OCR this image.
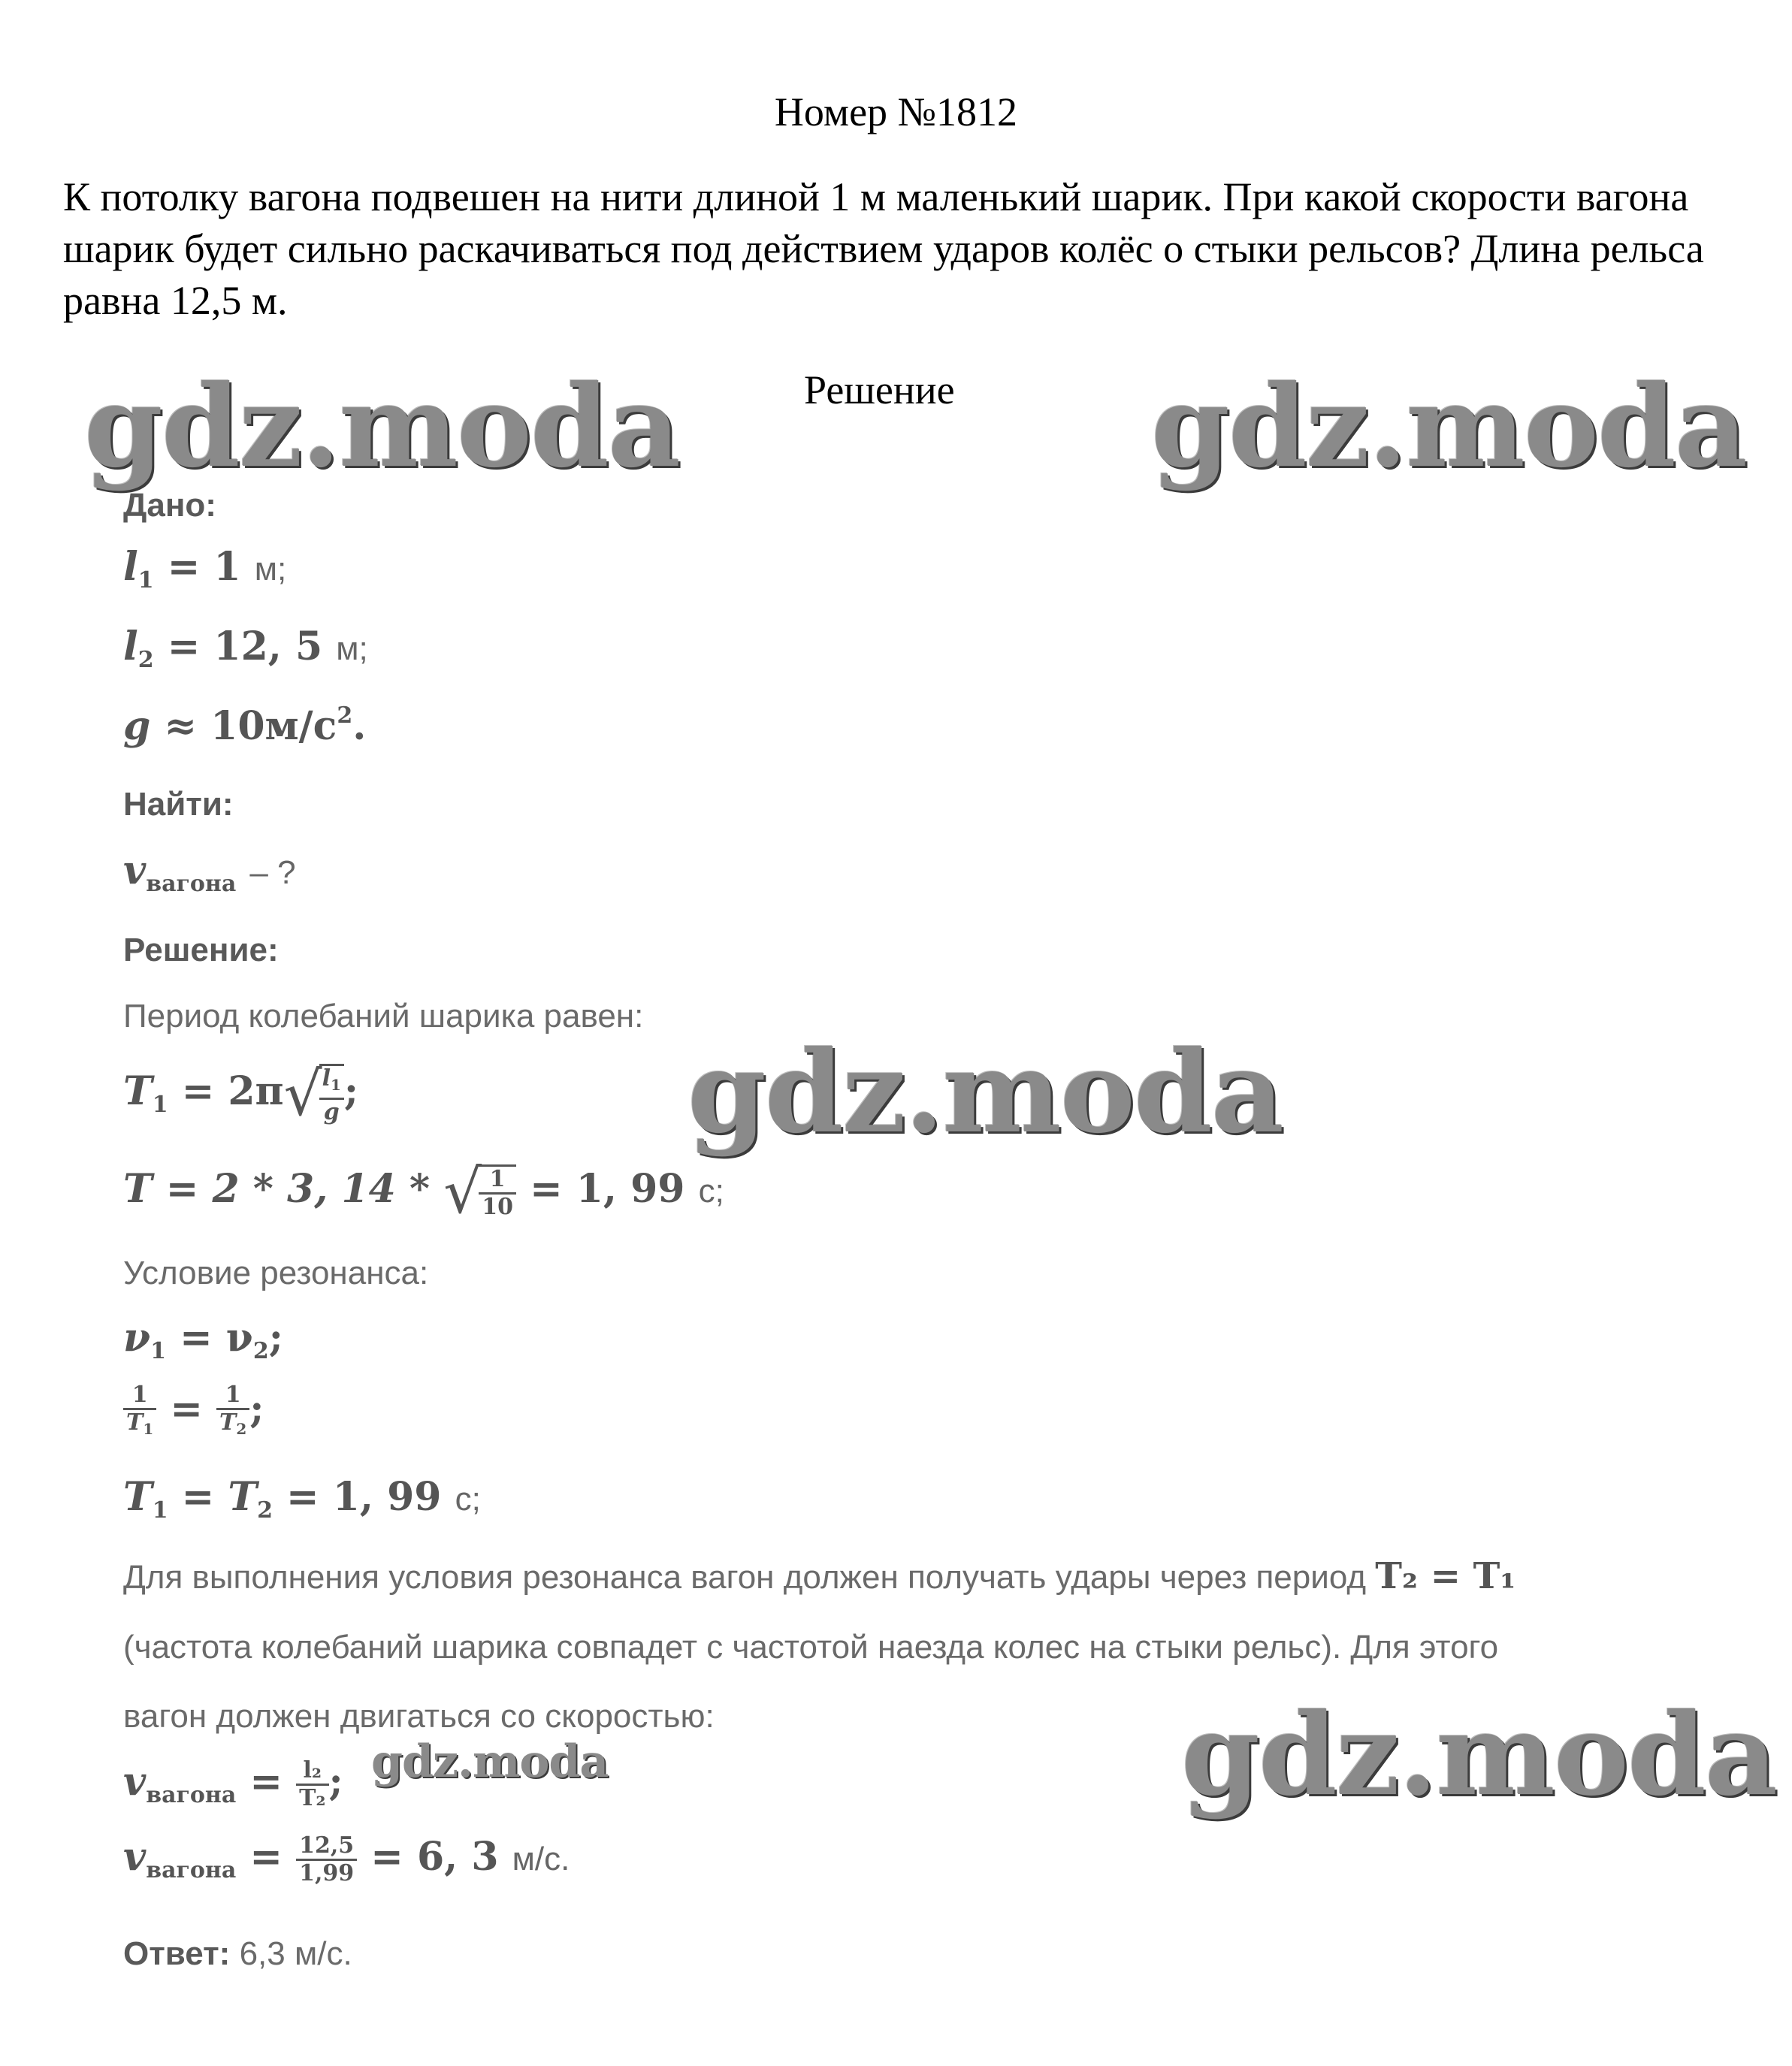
Номер №1812
К потолку вагона подвешен на нити длиной 1 м маленький шарик. При какой скорости вагона шарик будет сильно раскачиваться под действием ударов колёс о стыки рельсов? Длина рельса равна 12,5 м.
Решение
gdz.moda	gdz.moda
Дано:
$l_1 = 1$ м;
$l_2 = 12$, 5 м;
$g \approx 10м/с^2$.
Найти:
$v_{вагона}$ – ?
Решение:
Период колебаний шарика равен:
gdz.moda
$T_1 = 2\pi√$
$\frac{l_1}{g}$ ;
T = 2 * 3, 14 * √
$\frac{1}{10} = 1$, 99 с;
Условие резонанса:
$\nu_1 = \nu_2$;
$\frac{1}{T_1} = \frac{1}{T_2}$ ;
$T_1 = T_2 = 1$, 99 с;
Для выполнения условия резонанса вагон должен получать удары через период T₂ = T₁
(частота колебаний шарика совпадет с частотой наезда колес на стыки рельс). Для этого
вагон должен двигаться со скоростью:	gdz.moda
$v_{вагона} = \frac{\text{l₂}}{\text{T₂}}$ ; gdz.moda
$v_{вагона} = \frac{12,5}{1,99} = 6$, 3 м/с.
Ответ: 6,3 м/с.
